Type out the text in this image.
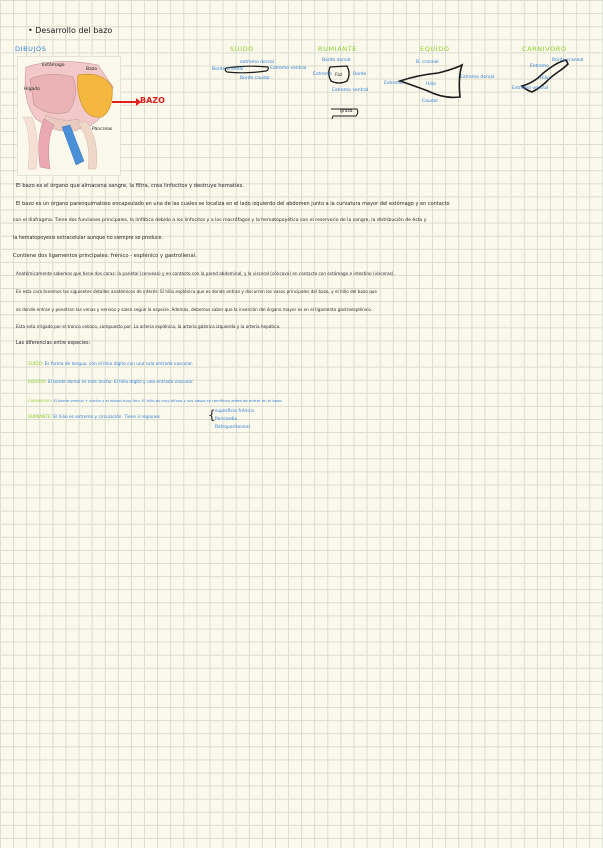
• Desarrollo del bazo
DIBUJOS
Estómago
Hígado
Bazo
Páncreas
BAZO
SUIDO
extremo dorsal
Borde craneal	Extremo ventral
Borde caudal
RUMIANTE
Borde dorsal
Faz
Extremo	Borde
Extremo ventral
grasa
EQUIDO
B. craneal
Extremo dorsal
Extremo
Caudal
Hilio
CARNIVORO
Borde craneal
Extremo
Hilio
Extremo ventral
El bazo es el órgano que almacena sangre, la filtra, crea linfocitos y destruye hematíes.
El bazo es un órgano parenquimatoso encapsulado en una de las cuales se localiza en el lado izquierdo del abdomen junto a la curvatura mayor del estómago y en contacto
con el diafragma. Tiene dos funciones principales, la linfática debido a los linfocitos y a los macrófagos y la hematopoyética con el reservorio de la sangre, la distribución de ésta y
la hematopoyesis extracelular aunque no siempre se produce.
Contiene dos ligamentos principales: frénico - esplénico y gastrolienal.
Anatómicamente sabemos que tiene dos caras: la parietal (convexa) y en contacto con la pared abdominal, y la visceral (cóncava) en contacto con estómago e intestino (vísceras).
En esta cara tenemos las siguientes detalles anatómicos de interés: El hilio esplénico que es donde entran y discurren los vasos principales del bazo, y el hilio del bazo que
es donde entran y penetran las venas y nervios y salen según la especie. Además, debemos saber que la inserción del órgano mayor es en el ligamento gastroesplénico.
Esta esta irrigado por el tronco celíaco, compuesto por: La arteria esplénica, la arteria gástrica izquierda y la arteria hepática.
Las diferencias entre especies:
SUIDO: Es forma de lengua, con el hilio dígito con una sola entrada vascular.
EQUIDO: El borde dorsal es más ancho. El hilio dígito y una entrada vascular.
CARNIVORO: El borde ventral + ancho y el dorsal muy fino. El hilio es muy difuso y sus vasos se ramifican antes de entrar en el bazo.
RUMIANTE: El hilio es extremo y circulación. Tiene 3 regiones	{ superficie frénica
Pericardio
Retroperitoneal
